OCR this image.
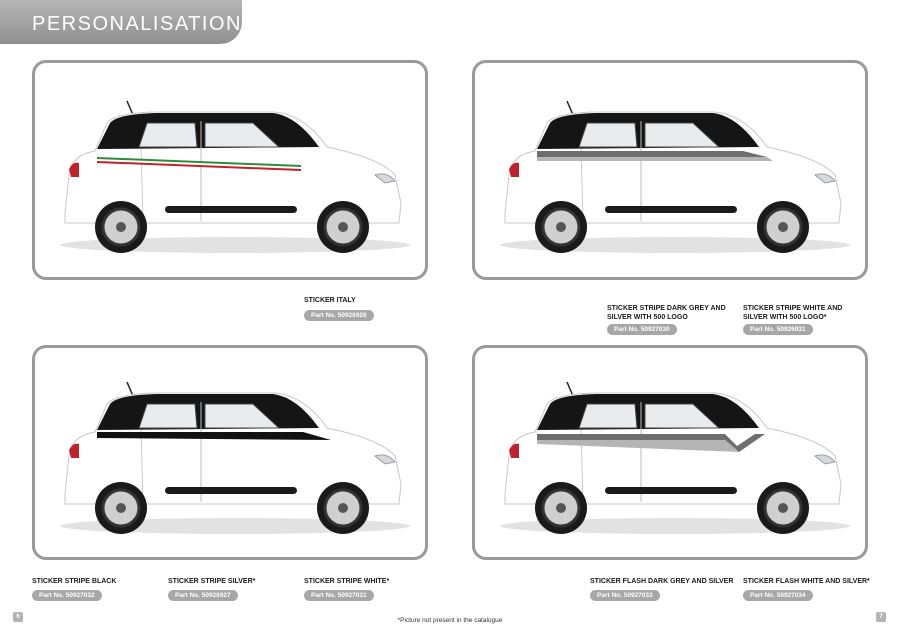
PERSONALISATION
STICKER ITALY
Part No. 50926926
STICKER STRIPE DARK GREY AND SILVER WITH 500 LOGO
Part No. 50927030
STICKER STRIPE WHITE AND SILVER WITH 500 LOGO*
Part No. 50926931
STICKER STRIPE BLACK
Part No. 50927032
STICKER STRIPE SILVER*
Part No. 50926927
STICKER STRIPE WHITE*
Part No. 50927031
STICKER FLASH DARK GREY AND SILVER
Part No. 50927033
STICKER FLASH WHITE AND SILVER*
Part No. 50927034
6	7
*Picture not present in the catalogue
